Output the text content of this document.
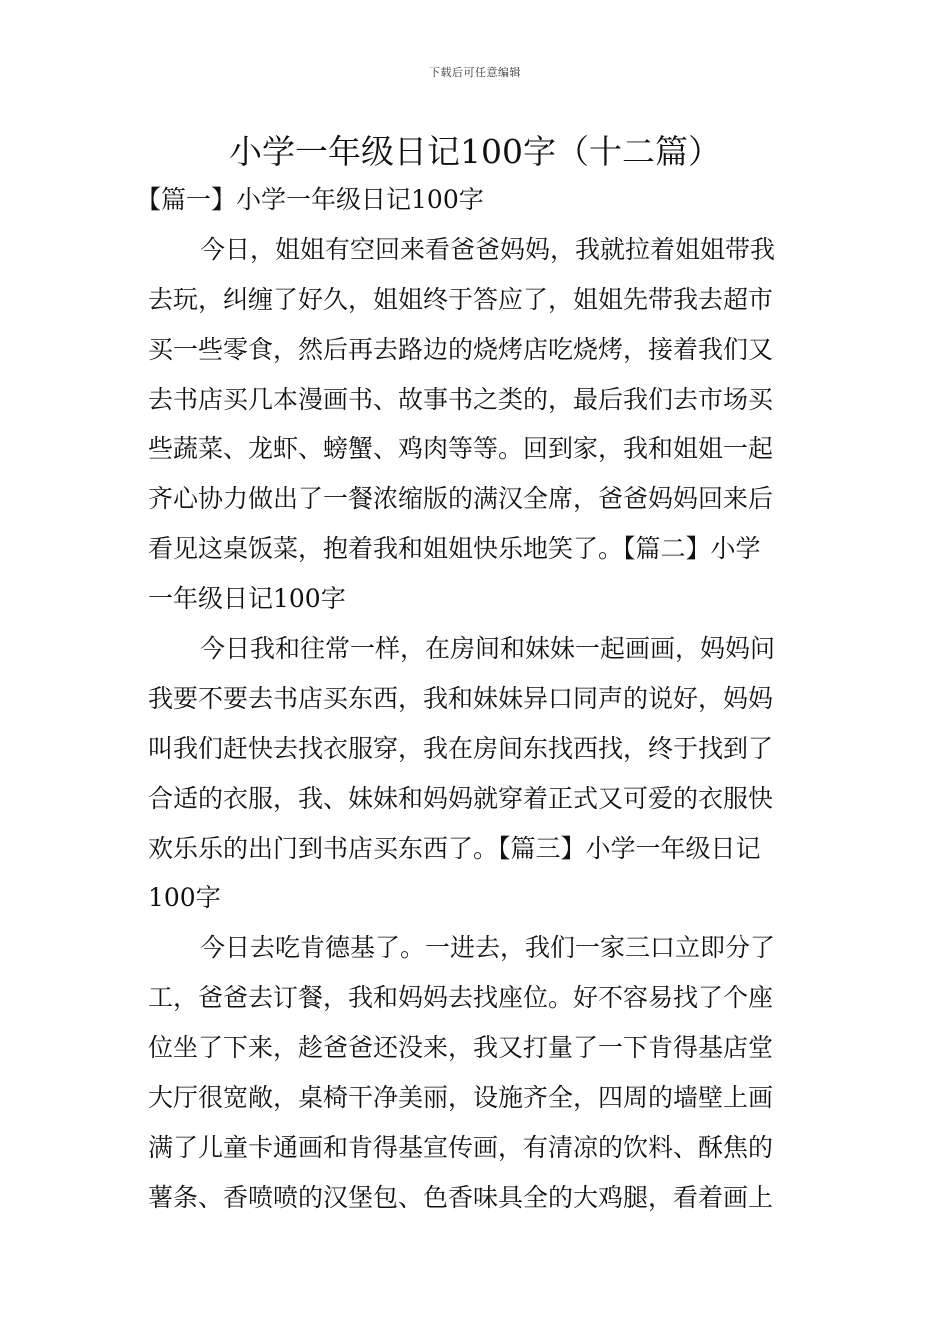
下载后可任意编辑
小学一年级日记100字（十二篇）
【篇一】小学一年级日记100字
今日，姐姐有空回来看爸爸妈妈，我就拉着姐姐带我
去玩，纠缠了好久，姐姐终于答应了，姐姐先带我去超市
买一些零食，然后再去路边的烧烤店吃烧烤，接着我们又
去书店买几本漫画书、故事书之类的，最后我们去市场买
些蔬菜、龙虾、螃蟹、鸡肉等等。回到家，我和姐姐一起
齐心协力做出了一餐浓缩版的满汉全席，爸爸妈妈回来后
看见这桌饭菜，抱着我和姐姐快乐地笑了。【篇二】小学
一年级日记100字
今日我和往常一样，在房间和妹妹一起画画，妈妈问
我要不要去书店买东西，我和妹妹异口同声的说好，妈妈
叫我们赶快去找衣服穿，我在房间东找西找，终于找到了
合适的衣服，我、妹妹和妈妈就穿着正式又可爱的衣服快
欢乐乐的出门到书店买东西了。【篇三】小学一年级日记
100字
今日去吃肯德基了。一进去，我们一家三口立即分了
工，爸爸去订餐，我和妈妈去找座位。好不容易找了个座
位坐了下来，趁爸爸还没来，我又打量了一下肯得基店堂
大厅很宽敞，桌椅干净美丽，设施齐全，四周的墙壁上画
满了儿童卡通画和肯得基宣传画，有清凉的饮料、酥焦的
薯条、香喷喷的汉堡包、色香味具全的大鸡腿，看着画上
